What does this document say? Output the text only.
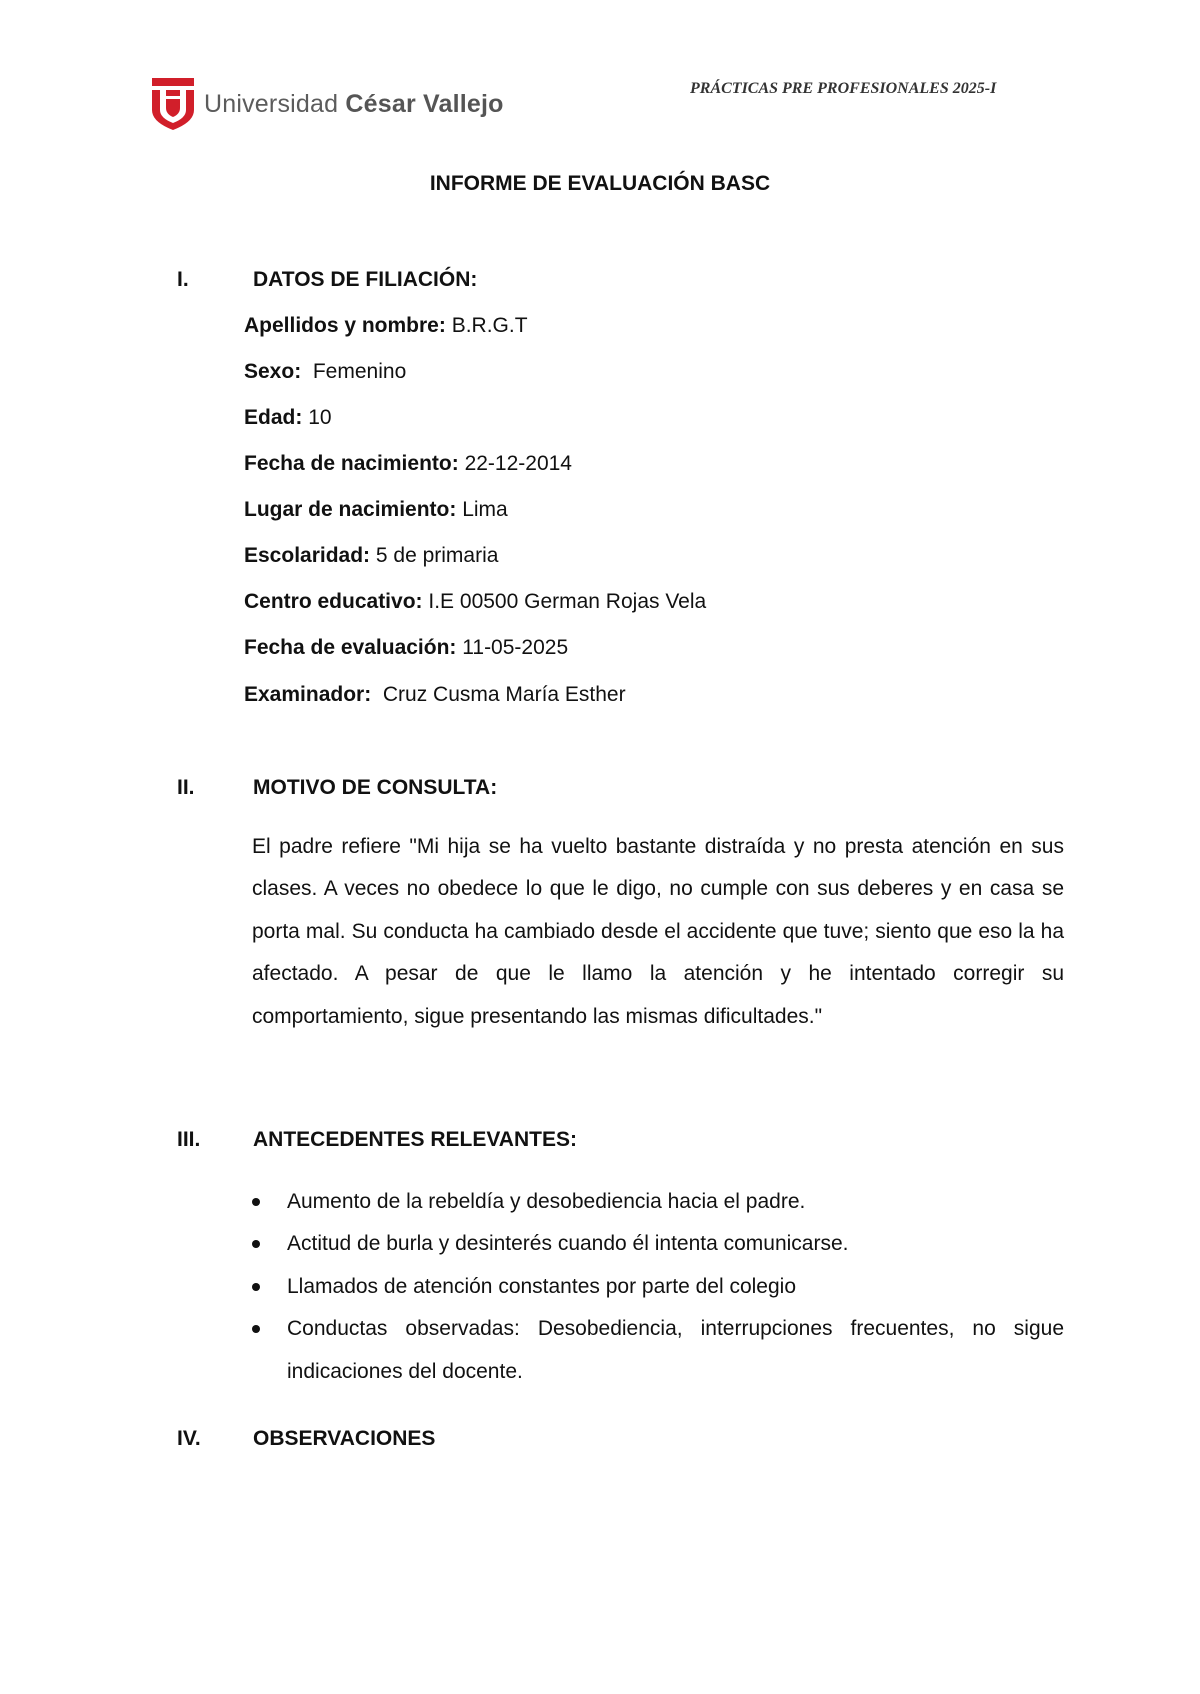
Universidad César Vallejo
PRÁCTICAS PRE PROFESIONALES 2025-I
INFORME DE EVALUACIÓN BASC
I.	DATOS DE FILIACIÓN:
Apellidos y nombre: B.R.G.T
Sexo: Femenino
Edad: 10
Fecha de nacimiento: 22-12-2014
Lugar de nacimiento: Lima
Escolaridad: 5 de primaria
Centro educativo: I.E 00500 German Rojas Vela
Fecha de evaluación: 11-05-2025
Examinador: Cruz Cusma María Esther
II.	MOTIVO DE CONSULTA:
El padre refiere "Mi hija se ha vuelto bastante distraída y no presta atención en sus clases. A veces no obedece lo que le digo, no cumple con sus deberes y en casa se porta mal. Su conducta ha cambiado desde el accidente que tuve; siento que eso la ha afectado. A pesar de que le llamo la atención y he intentado corregir su comportamiento, sigue presentando las mismas dificultades."
III.	ANTECEDENTES RELEVANTES:
Aumento de la rebeldía y desobediencia hacia el padre.
Actitud de burla y desinterés cuando él intenta comunicarse.
Llamados de atención constantes por parte del colegio
Conductas observadas: Desobediencia, interrupciones frecuentes, no sigue indicaciones del docente.
IV. OBSERVACIONES
